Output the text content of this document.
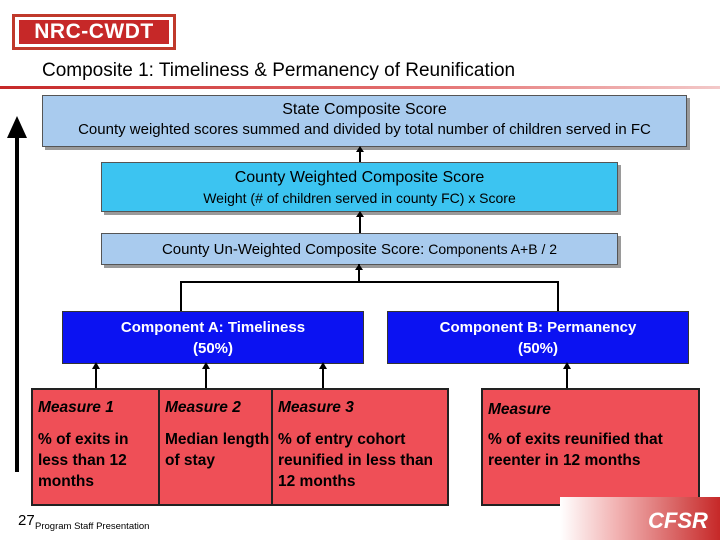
NRC-CWDT
Composite 1: Timeliness & Permanency of Reunification
State Composite Score
County weighted scores summed and divided by total number of children served in FC
County Weighted Composite Score
Weight (# of children served in county FC) x Score
County Un-Weighted Composite Score: Components A+B / 2
Component A: Timeliness
(50%)
Component B: Permanency
(50%)
Measure 1
% of exits in less than 12 months
Measure 2
Median length of stay
Measure 3
% of entry cohort reunified in less than 12 months
Measure
% of exits reunified that reenter in 12 months
CFSR
27 Program Staff Presentation
